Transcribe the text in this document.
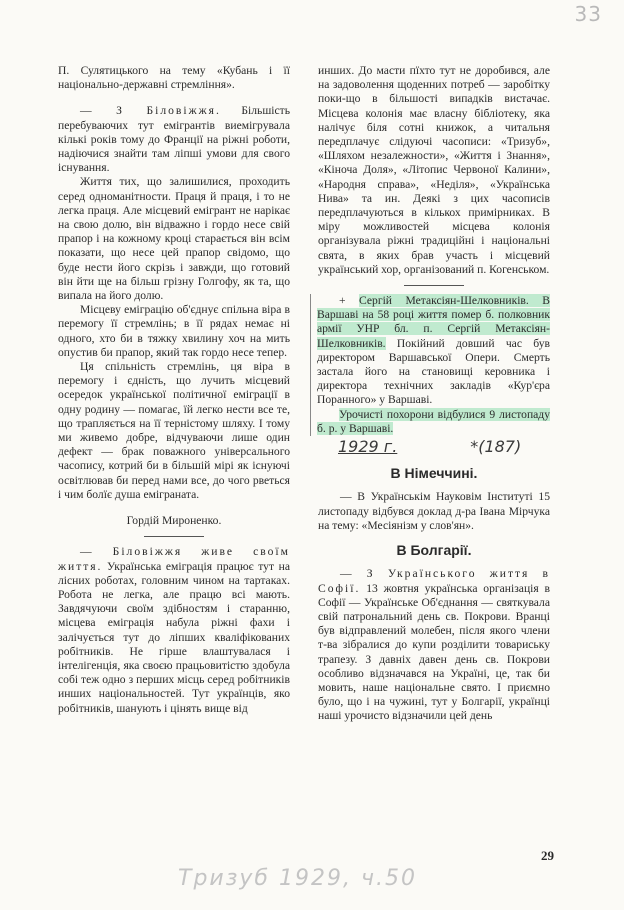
33

П. Сулятицького на тему «Кубань і її національно-державні стремління».

— З Біловіжжя. Більшість перебуваючих тут емігрантів виемігрувала кількі років тому до Франції на ріжні роботи, надіючися знайти там ліпші умови для свого існування.

Життя тих, що залишилися, проходить серед одноманітности. Праця й праця, і то не легка праця. Але місцевий емігрант не нарікає на свою долю, він відважно і гордо несе свій прапор і на кожному кроці старається він всім показати, що несе цей прапор свідомо, що буде нести його скрізь і завжди, що готовий він йти ще на більш грізну Голгофу, як та, що випала на його долю.

Місцеву еміграцію об'єднує спільна віра в перемогу її стремлінь; в її рядах немає ні одного, хто би в тяжку хвилину хоч на мить опустив би прапор, який так гордо несе тепер.

Ця спільність стремлінь, ця віра в перемогу і єдність, що лучить місцевий осередок української політичної еміграції в одну родину — помагає, їй легко нести все те, що трапляється на її терністому шляху. І тому ми живемо добре, відчуваючи лише один дефект — брак поважного універсального часопису, котрий би в більшій мірі як існуючі освітлював би перед нами все, до чого рветься і чим болїє душа еміграната.

Гордій Мироненко.

— Біловіжжя живе своїм життя. Українська еміграція працює тут на лісних роботах, головним чином на тартаках. Робота не легка, але працю всі мають. Завдячуючи своїм здібностям і старанню, місцева еміграція набула ріжні фахи і залічується тут до ліпших кваліфікованих робітників. Не гірше влаштувалася і інтелігенція, яка своєю працьовитістю здобула собі теж одно з перших місць серед робітників инших національностей. Тут українців, яко робітників, шанують і цінять вище від

инших. До масти пїхто тут не доробився, але на задоволення щоденних потреб — заробітку поки-що в більшості випадків вистачає. Місцева колонія має власну бібліотеку, яка налічує біля сотні книжок, а читальня передплачує слідуючі часописи: «Тризуб», «Шляхом незалежности», «Життя і Знання», «Кіноча Доля», «Літопис Червоної Калини», «Народня справа», «Неділя», «Українська Нива» та ин. Деякі з цих часописів передплачуються в кількох примірниках. В міру можливостей місцева колонія організувала ріжні традиційні і національні свята, в яких брав участь і місцевий український хор, організований п. Когенськом.

+ Сергій Метаксіян-Шелковників. В Варшаві на 58 році життя помер б. полковник армії УНР бл. п. Сергій Метаксіян-Шелковників. Покійний довший час був директором Варшавської Опери. Смерть застала його на становищі керовника і директора технічних закладів «Кур'єра Поранного» у Варшаві.

Урочисті похорони відбулися 9 листопаду б. р. у Варшаві.

1929 г.	*(187)

В Німеччині.

— В Українськім Науковім Інституті 15 листопаду відбувся доклад д-ра Івана Мірчука на тему: «Месіянізм у слов'ян».

В Болгарії.

— З Українського життя в Софії. 13 жовтня українська організація в Софії — Українське Об'єднання — святкувала свій патрональний день св. Покрови. Вранці був відправлений молебен, після якого члени т-ва зібралися до купи розділити товариську трапезу. З давніх давен день св. Покрови особливо відзначався на Україні, це, так би мовить, наше національне свято. І приємно було, що і на чужині, тут у Болгарії, українці наші урочисто відзначили цей день

29
Тризуб 1929, ч.50
